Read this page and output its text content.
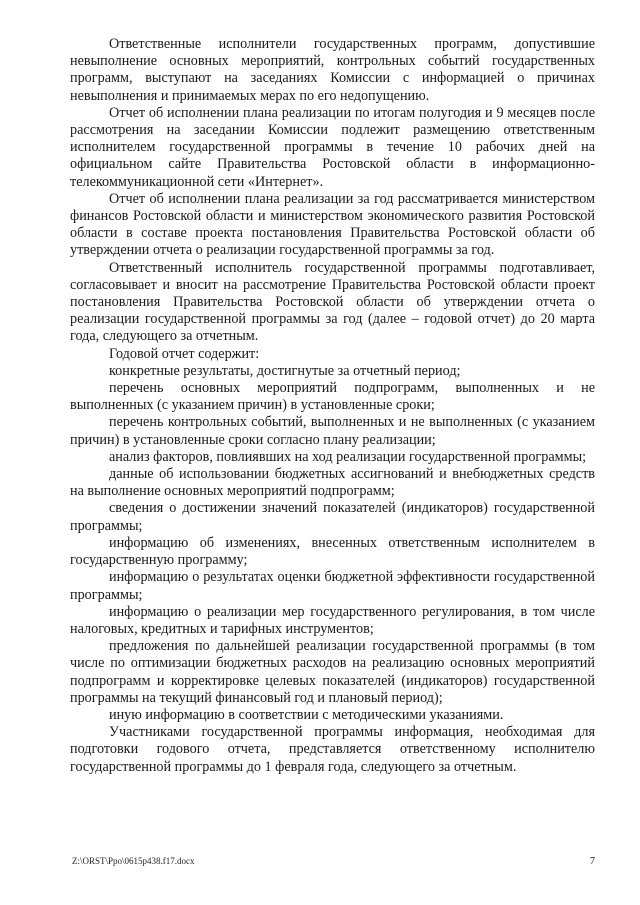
Ответственные исполнители государственных программ, допустившие невыполнение основных мероприятий, контрольных событий государственных программ, выступают на заседаниях Комиссии с информацией о причинах невыполнения и принимаемых мерах по его недопущению.

Отчет об исполнении плана реализации по итогам полугодия и 9 месяцев после рассмотрения на заседании Комиссии подлежит размещению ответственным исполнителем государственной программы в течение 10 рабочих дней на официальном сайте Правительства Ростовской области в информационно-телекоммуникационной сети «Интернет».

Отчет об исполнении плана реализации за год рассматривается министерством финансов Ростовской области и министерством экономического развития Ростовской области в составе проекта постановления Правительства Ростовской области об утверждении отчета о реализации государственной программы за год.

Ответственный исполнитель государственной программы подготавливает, согласовывает и вносит на рассмотрение Правительства Ростовской области проект постановления Правительства Ростовской области об утверждении отчета о реализации государственной программы за год (далее – годовой отчет) до 20 марта года, следующего за отчетным.

Годовой отчет содержит:

конкретные результаты, достигнутые за отчетный период;

перечень основных мероприятий подпрограмм, выполненных и не выполненных (с указанием причин) в установленные сроки;

перечень контрольных событий, выполненных и не выполненных (с указанием причин) в установленные сроки согласно плану реализации;

анализ факторов, повлиявших на ход реализации государственной программы;

данные об использовании бюджетных ассигнований и внебюджетных средств на выполнение основных мероприятий подпрограмм;

сведения о достижении значений показателей (индикаторов) государственной программы;

информацию об изменениях, внесенных ответственным исполнителем в государственную программу;

информацию о результатах оценки бюджетной эффективности государственной программы;

информацию о реализации мер государственного регулирования, в том числе налоговых, кредитных и тарифных инструментов;

предложения по дальнейшей реализации государственной программы (в том числе по оптимизации бюджетных расходов на реализацию основных мероприятий подпрограмм и корректировке целевых показателей (индикаторов) государственной программы на текущий финансовый год и плановый период);

иную информацию в соответствии с методическими указаниями.

Участниками государственной программы информация, необходимая для подготовки годового отчета, представляется ответственному исполнителю государственной программы до 1 февраля года, следующего за отчетным.

Z:\ORST\Ppo\0615p438.f17.docx	7
